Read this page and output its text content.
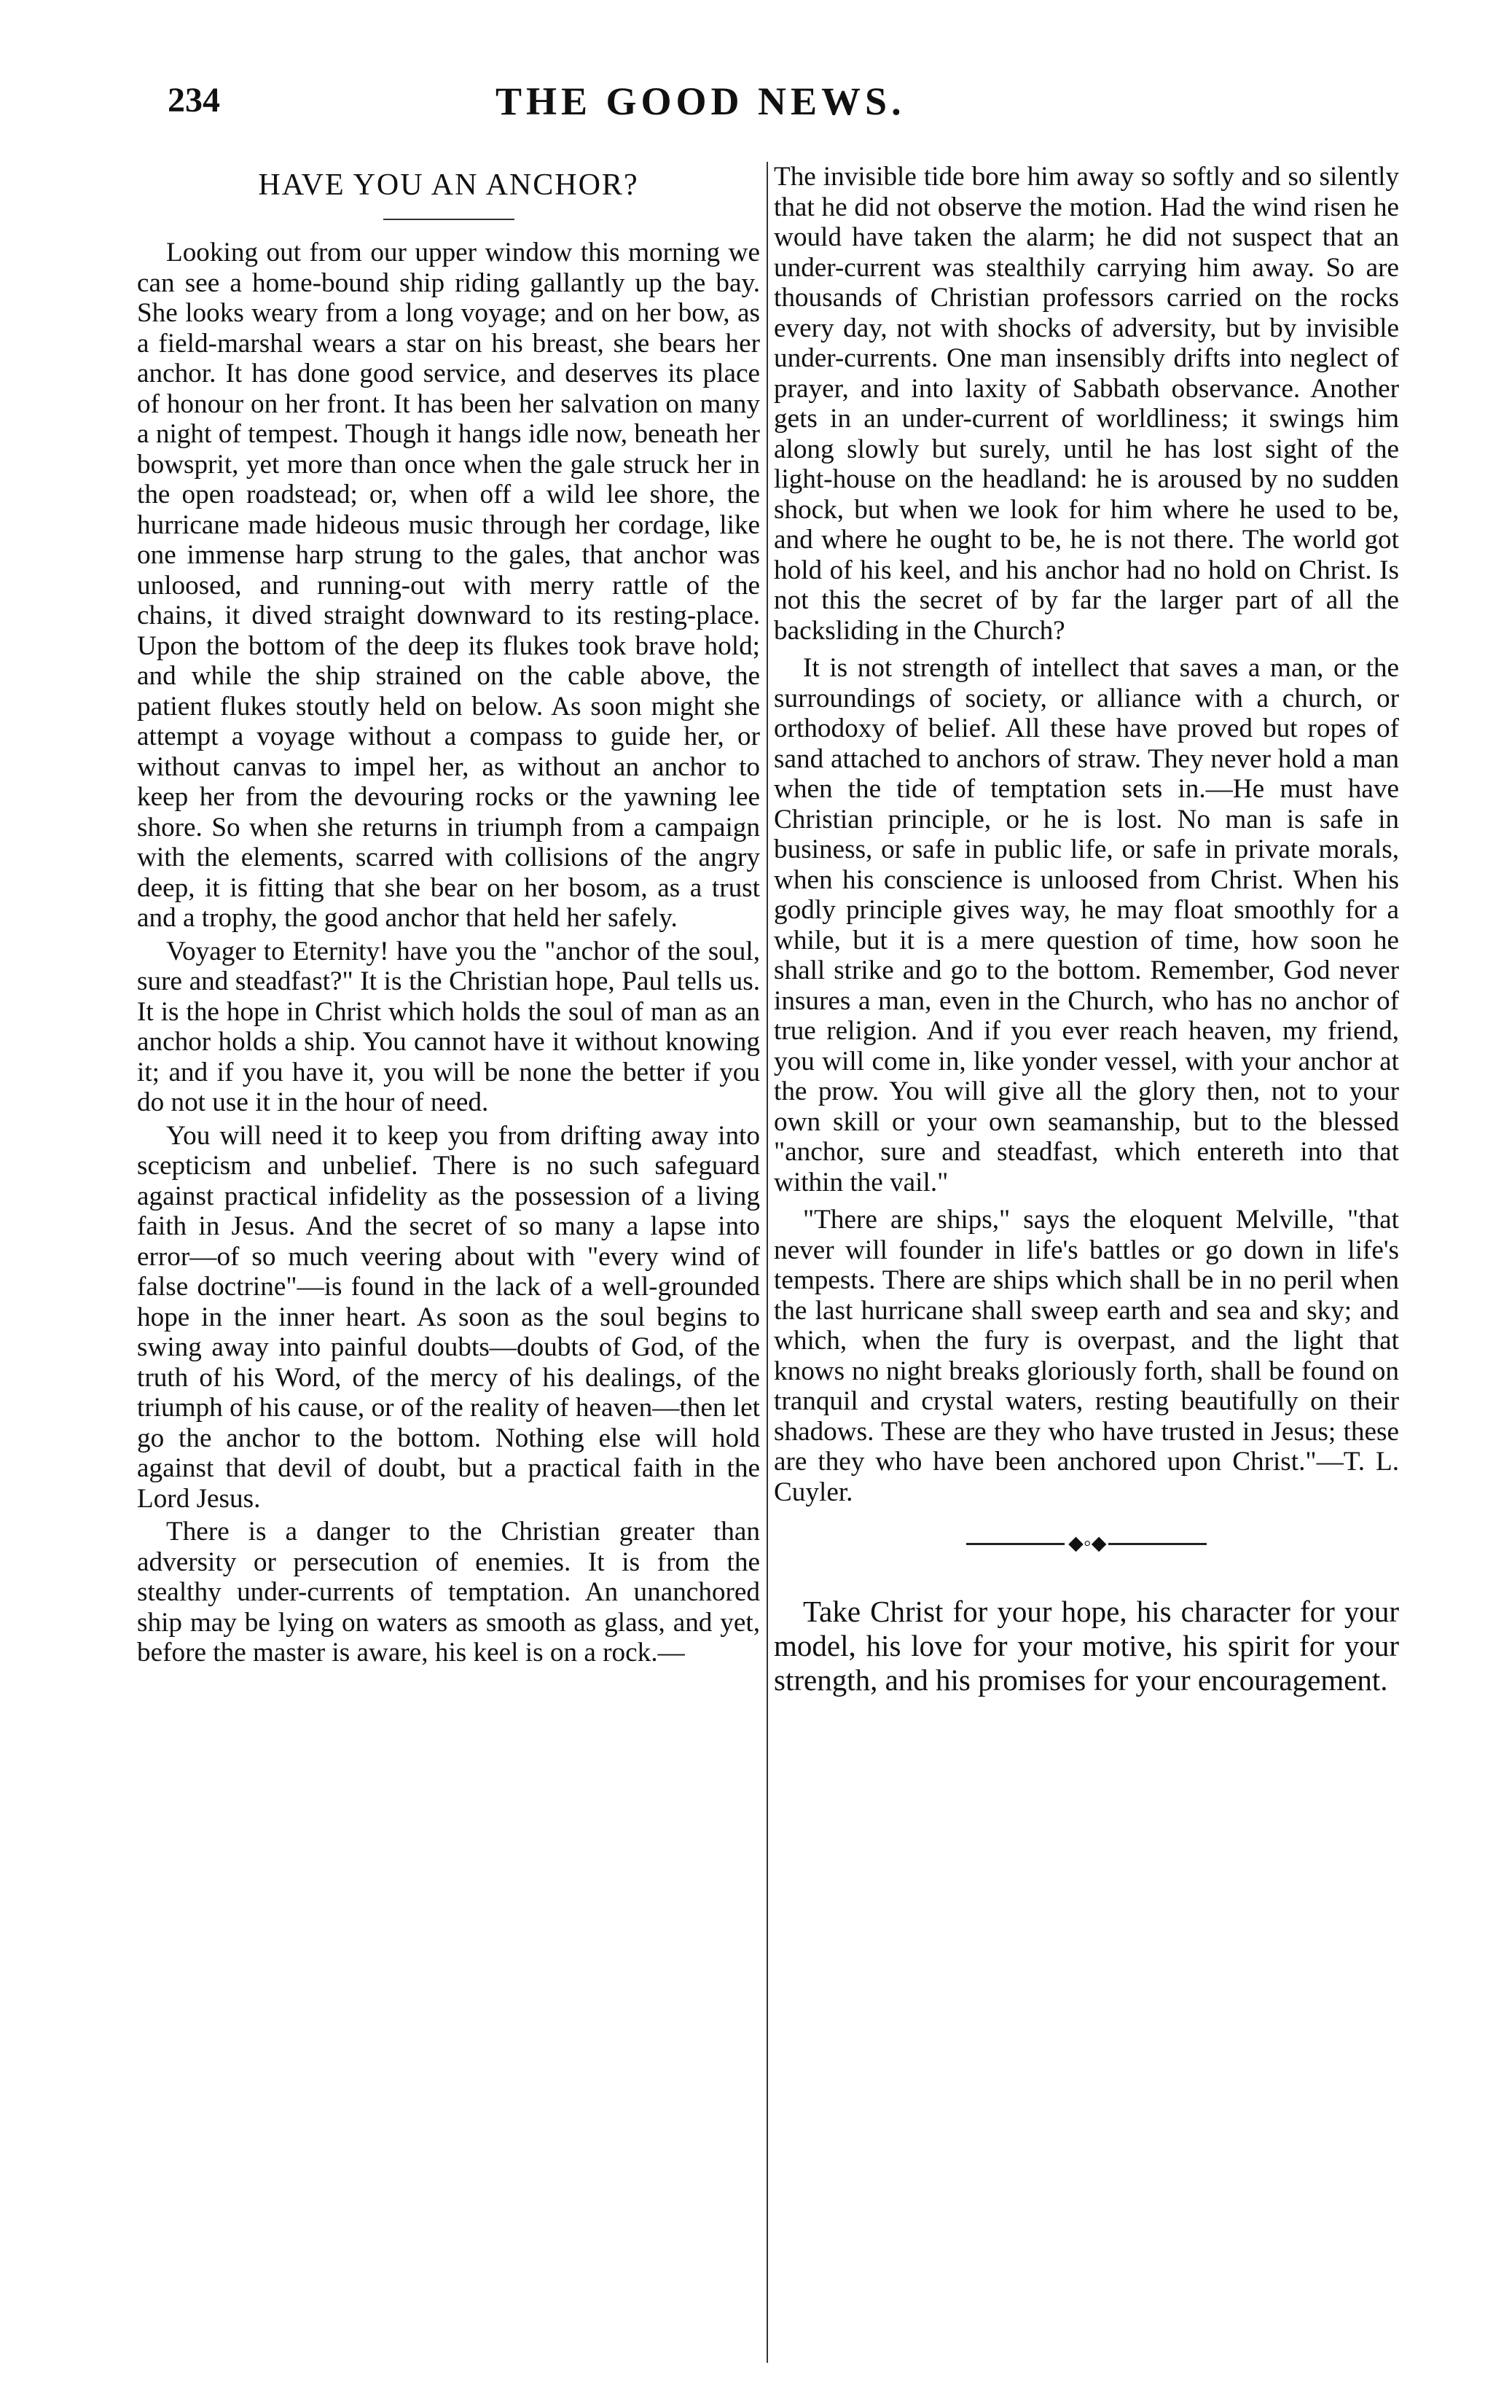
234	THE GOOD NEWS.
HAVE YOU AN ANCHOR?

Looking out from our upper window this morning we can see a home-bound ship riding gallantly up the bay. She looks weary from a long voyage; and on her bow, as a field-marshal wears a star on his breast, she bears her anchor. It has done good service, and deserves its place of honour on her front. It has been her salvation on many a night of tempest. Though it hangs idle now, beneath her bowsprit, yet more than once when the gale struck her in the open roadstead; or, when off a wild lee shore, the hurricane made hideous music through her cordage, like one immense harp strung to the gales, that anchor was unloosed, and running-out with merry rattle of the chains, it dived straight downward to its resting-place. Upon the bottom of the deep its flukes took brave hold; and while the ship strained on the cable above, the patient flukes stoutly held on below. As soon might she attempt a voyage without a compass to guide her, or without canvas to impel her, as without an anchor to keep her from the devouring rocks or the yawning lee shore. So when she returns in triumph from a campaign with the elements, scarred with collisions of the angry deep, it is fitting that she bear on her bosom, as a trust and a trophy, the good anchor that held her safely.

Voyager to Eternity! have you the "anchor of the soul, sure and steadfast?" It is the Christian hope, Paul tells us. It is the hope in Christ which holds the soul of man as an anchor holds a ship. You cannot have it without knowing it; and if you have it, you will be none the better if you do not use it in the hour of need.

You will need it to keep you from drifting away into scepticism and unbelief. There is no such safeguard against practical infidelity as the possession of a living faith in Jesus. And the secret of so many a lapse into error—of so much veering about with "every wind of false doctrine"—is found in the lack of a well-grounded hope in the inner heart. As soon as the soul begins to swing away into painful doubts—doubts of God, of the truth of his Word, of the mercy of his dealings, of the triumph of his cause, or of the reality of heaven—then let go the anchor to the bottom. Nothing else will hold against that devil of doubt, but a practical faith in the Lord Jesus.

There is a danger to the Christian greater than adversity or persecution of enemies. It is from the stealthy under-currents of temptation. An unanchored ship may be lying on waters as smooth as glass, and yet, before the master is aware, his keel is on a rock.—

The invisible tide bore him away so softly and so silently that he did not observe the motion. Had the wind risen he would have taken the alarm; he did not suspect that an under-current was stealthily carrying him away. So are thousands of Christian professors carried on the rocks every day, not with shocks of adversity, but by invisible under-currents. One man insensibly drifts into neglect of prayer, and into laxity of Sabbath observance. Another gets in an under-current of worldliness; it swings him along slowly but surely, until he has lost sight of the light-house on the headland: he is aroused by no sudden shock, but when we look for him where he used to be, and where he ought to be, he is not there. The world got hold of his keel, and his anchor had no hold on Christ. Is not this the secret of by far the larger part of all the backsliding in the Church?

It is not strength of intellect that saves a man, or the surroundings of society, or alliance with a church, or orthodoxy of belief. All these have proved but ropes of sand attached to anchors of straw. They never hold a man when the tide of temptation sets in.—He must have Christian principle, or he is lost. No man is safe in business, or safe in public life, or safe in private morals, when his conscience is unloosed from Christ. When his godly principle gives way, he may float smoothly for a while, but it is a mere question of time, how soon he shall strike and go to the bottom. Remember, God never insures a man, even in the Church, who has no anchor of true religion. And if you ever reach heaven, my friend, you will come in, like yonder vessel, with your anchor at the prow. You will give all the glory then, not to your own skill or your own seamanship, but to the blessed "anchor, sure and steadfast, which entereth into that within the vail."

"There are ships," says the eloquent Melville, "that never will founder in life's battles or go down in life's tempests. There are ships which shall be in no peril when the last hurricane shall sweep earth and sea and sky; and which, when the fury is overpast, and the light that knows no night breaks gloriously forth, shall be found on tranquil and crystal waters, resting beautifully on their shadows. These are they who have trusted in Jesus; these are they who have been anchored upon Christ."—T. L. Cuyler.

⬥◦⬥

Take Christ for your hope, his character for your model, his love for your motive, his spirit for your strength, and his promises for your encouragement.
